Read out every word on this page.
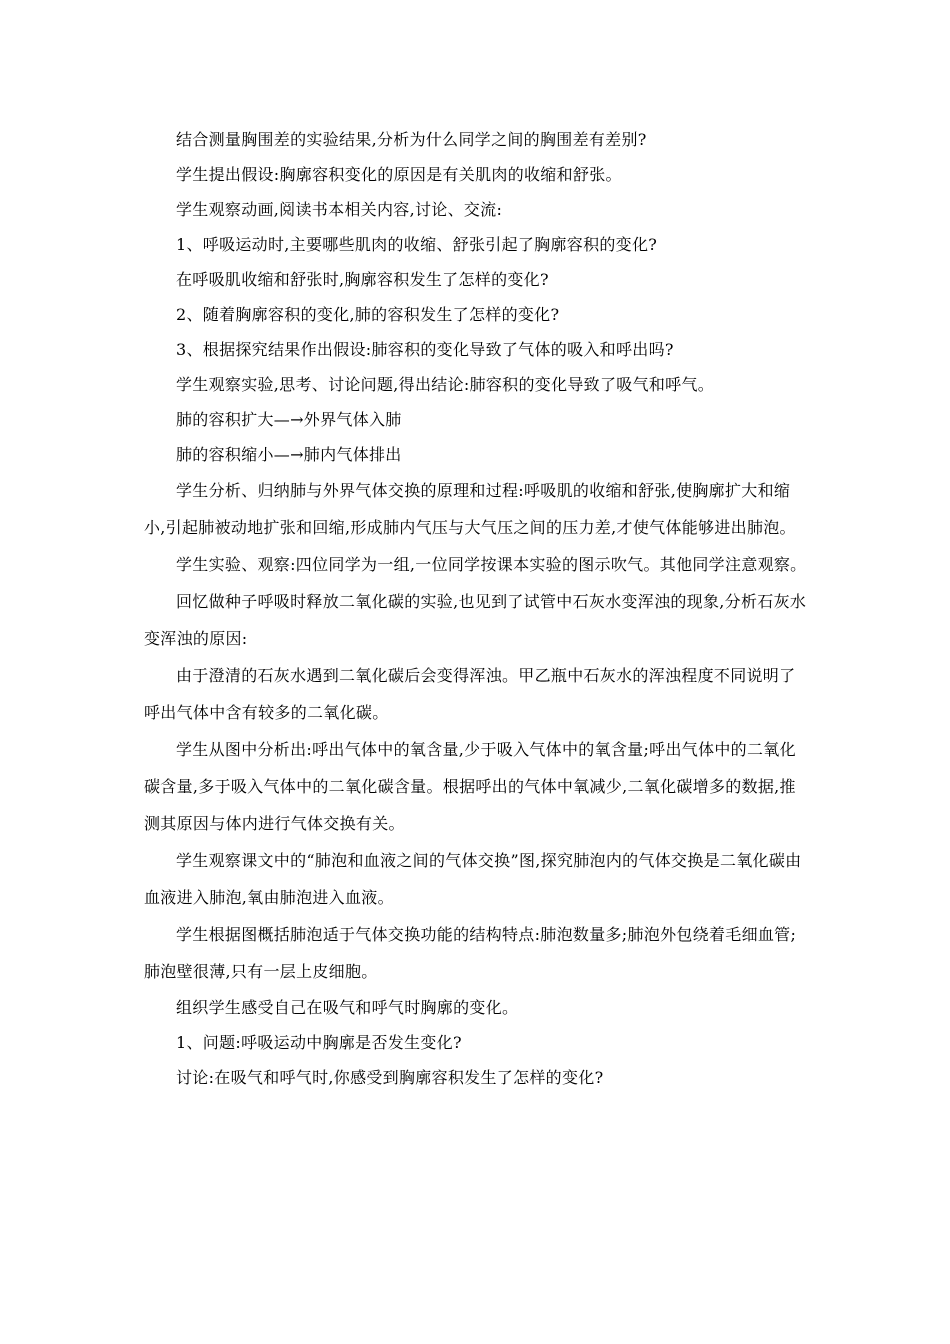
结合测量胸围差的实验结果,分析为什么同学之间的胸围差有差别?

学生提出假设:胸廓容积变化的原因是有关肌肉的收缩和舒张。

学生观察动画,阅读书本相关内容,讨论、交流:

1、呼吸运动时,主要哪些肌肉的收缩、舒张引起了胸廓容积的变化?

在呼吸肌收缩和舒张时,胸廓容积发生了怎样的变化?

2、随着胸廓容积的变化,肺的容积发生了怎样的变化?

3、根据探究结果作出假设:肺容积的变化导致了气体的吸入和呼出吗?

学生观察实验,思考、讨论问题,得出结论:肺容积的变化导致了吸气和呼气。

肺的容积扩大—→外界气体入肺

肺的容积缩小—→肺内气体排出

学生分析、归纳肺与外界气体交换的原理和过程:呼吸肌的收缩和舒张,使胸廓扩大和缩小,引起肺被动地扩张和回缩,形成肺内气压与大气压之间的压力差,才使气体能够进出肺泡。

学生实验、观察:四位同学为一组,一位同学按课本实验的图示吹气。其他同学注意观察。

回忆做种子呼吸时释放二氧化碳的实验,也见到了试管中石灰水变浑浊的现象,分析石灰水变浑浊的原因:

由于澄清的石灰水遇到二氧化碳后会变得浑浊。甲乙瓶中石灰水的浑浊程度不同说明了呼出气体中含有较多的二氧化碳。

学生从图中分析出:呼出气体中的氧含量,少于吸入气体中的氧含量;呼出气体中的二氧化碳含量,多于吸入气体中的二氧化碳含量。根据呼出的气体中氧减少,二氧化碳增多的数据,推测其原因与体内进行气体交换有关。

学生观察课文中的“肺泡和血液之间的气体交换”图,探究肺泡内的气体交换是二氧化碳由血液进入肺泡,氧由肺泡进入血液。

学生根据图概括肺泡适于气体交换功能的结构特点:肺泡数量多;肺泡外包绕着毛细血管;肺泡壁很薄,只有一层上皮细胞。

组织学生感受自己在吸气和呼气时胸廓的变化。

1、问题:呼吸运动中胸廓是否发生变化?

讨论:在吸气和呼气时,你感受到胸廓容积发生了怎样的变化?
